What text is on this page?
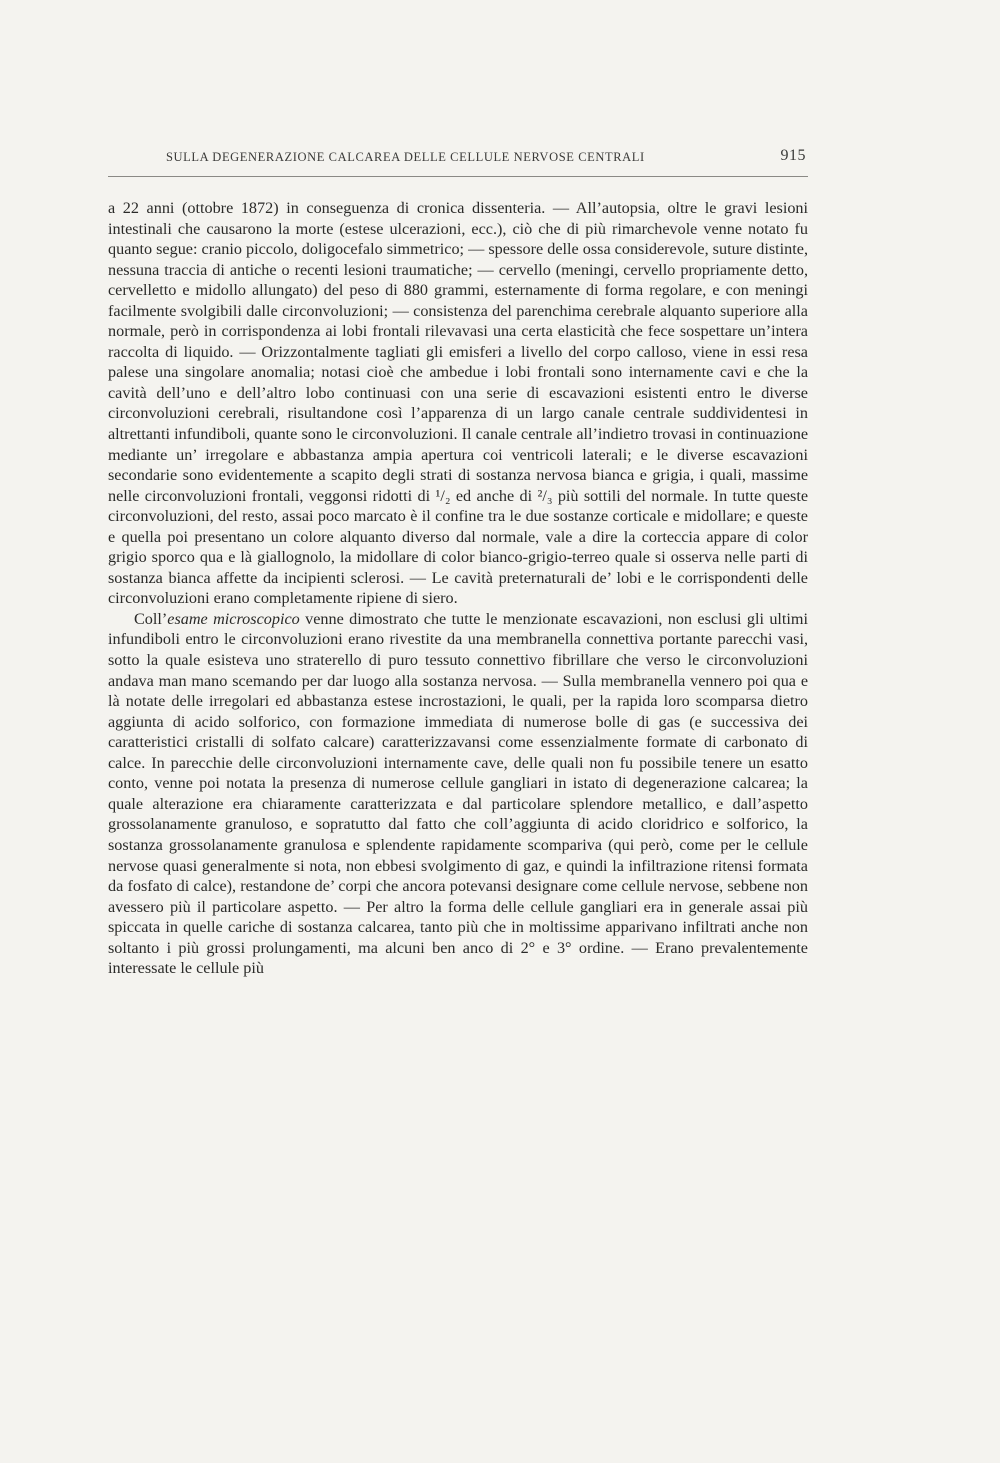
SULLA DEGENERAZIONE CALCAREA DELLE CELLULE NERVOSE CENTRALI	915

a 22 anni (ottobre 1872) in conseguenza di cronica dissenteria. — All’autopsia, oltre le gravi lesioni intestinali che causarono la morte (estese ulcerazioni, ecc.), ciò che di più rimarchevole venne notato fu quanto segue: cranio piccolo, doligocefalo simmetrico; — spessore delle ossa considerevole, suture distinte, nessuna traccia di antiche o recenti lesioni traumatiche; — cervello (meningi, cervello propriamente detto, cervelletto e midollo allungato) del peso di 880 grammi, esternamente di forma regolare, e con meningi facilmente svolgibili dalle circonvoluzioni; — consistenza del parenchima cerebrale alquanto superiore alla normale, però in corrispondenza ai lobi frontali rilevavasi una certa elasticità che fece sospettare un’intera raccolta di liquido. — Orizzontalmente tagliati gli emisferi a livello del corpo calloso, viene in essi resa palese una singolare anomalia; notasi cioè che ambedue i lobi frontali sono internamente cavi e che la cavità dell’uno e dell’altro lobo continuasi con una serie di escavazioni esistenti entro le diverse circonvoluzioni cerebrali, risultandone così l’apparenza di un largo canale centrale suddividentesi in altrettanti infundiboli, quante sono le circonvoluzioni. Il canale centrale all’indietro trovasi in continuazione mediante un’ irregolare e abbastanza ampia apertura coi ventricoli laterali; e le diverse escavazioni secondarie sono evidentemente a scapito degli strati di sostanza nervosa bianca e grigia, i quali, massime nelle circonvoluzioni frontali, veggonsi ridotti di ¹/₂ ed anche di ²/₃ più sottili del normale. In tutte queste circonvoluzioni, del resto, assai poco marcato è il confine tra le due sostanze corticale e midollare; e queste e quella poi presentano un colore alquanto diverso dal normale, vale a dire la corteccia appare di color grigio sporco qua e là giallognolo, la midollare di color bianco-grigio-terreo quale si osserva nelle parti di sostanza bianca affette da incipienti sclerosi. — Le cavità preternaturali de’ lobi e le corrispondenti delle circonvoluzioni erano completamente ripiene di siero.

Coll’esame microscopico venne dimostrato che tutte le menzionate escavazioni, non esclusi gli ultimi infundiboli entro le circonvoluzioni erano rivestite da una membranella connettiva portante parecchi vasi, sotto la quale esisteva uno straterello di puro tessuto connettivo fibrillare che verso le circonvoluzioni andava man mano scemando per dar luogo alla sostanza nervosa. — Sulla membranella vennero poi qua e là notate delle irregolari ed abbastanza estese incrostazioni, le quali, per la rapida loro scomparsa dietro aggiunta di acido solforico, con formazione immediata di numerose bolle di gas (e successiva dei caratteristici cristalli di solfato calcare) caratterizzavansi come essenzialmente formate di carbonato di calce. In parecchie delle circonvoluzioni internamente cave, delle quali non fu possibile tenere un esatto conto, venne poi notata la presenza di numerose cellule gangliari in istato di degenerazione calcarea; la quale alterazione era chiaramente caratterizzata e dal particolare splendore metallico, e dall’aspetto grossolanamente granuloso, e sopratutto dal fatto che coll’aggiunta di acido cloridrico e solforico, la sostanza grossolanamente granulosa e splendente rapidamente scompariva (qui però, come per le cellule nervose quasi generalmente si nota, non ebbesi svolgimento di gaz, e quindi la infiltrazione ritensi formata da fosfato di calce), restandone de’ corpi che ancora potevansi designare come cellule nervose, sebbene non avessero più il particolare aspetto. — Per altro la forma delle cellule gangliari era in generale assai più spiccata in quelle cariche di sostanza calcarea, tanto più che in moltissime apparivano infiltrati anche non soltanto i più grossi prolungamenti, ma alcuni ben anco di 2° e 3° ordine. — Erano prevalentemente interessate le cellule più
